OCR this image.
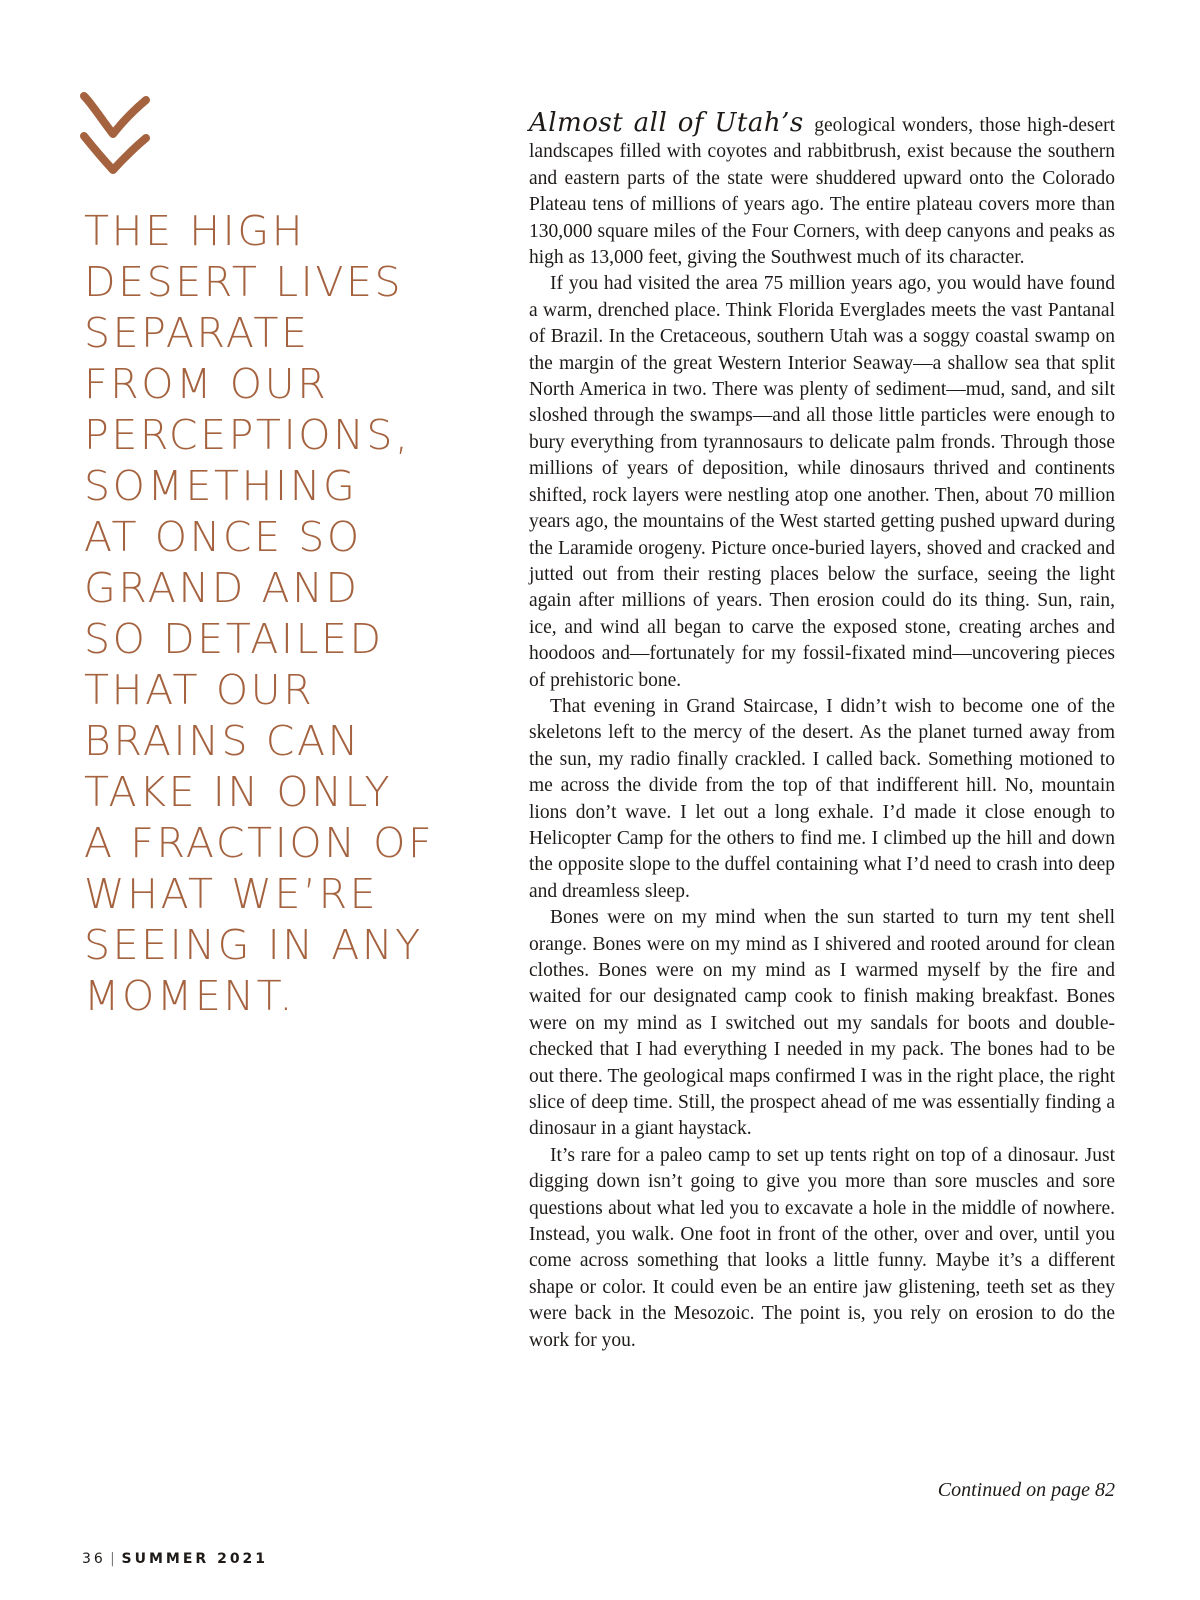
THE HIGH
DESERT LIVES
SEPARATE
FROM OUR
PERCEPTIONS,
SOMETHING
AT ONCE SO
GRAND AND
SO DETAILED
THAT OUR
BRAINS CAN
TAKE IN ONLY
A FRACTION OF
WHAT WE’RE
SEEING IN ANY
MOMENT.

Almost all of Utah’s geological wonders, those high-desert landscapes filled with coyotes and rabbitbrush, exist because the southern and eastern parts of the state were shuddered upward onto the Colorado Plateau tens of millions of years ago. The entire plateau covers more than 130,000 square miles of the Four Corners, with deep canyons and peaks as high as 13,000 feet, giving the Southwest much of its character.

If you had visited the area 75 million years ago, you would have found a warm, drenched place. Think Florida Everglades meets the vast Pantanal of Brazil. In the Cretaceous, southern Utah was a soggy coastal swamp on the margin of the great Western Interior Seaway—a shallow sea that split North America in two. There was plenty of sediment—mud, sand, and silt sloshed through the swamps—and all those little particles were enough to bury everything from tyrannosaurs to delicate palm fronds. Through those millions of years of deposition, while dinosaurs thrived and continents shifted, rock layers were nestling atop one another. Then, about 70 million years ago, the mountains of the West started getting pushed upward during the Laramide orogeny. Picture once-buried layers, shoved and cracked and jutted out from their resting places below the surface, seeing the light again after millions of years. Then erosion could do its thing. Sun, rain, ice, and wind all began to carve the exposed stone, creating arches and hoodoos and—fortunately for my fossil-fixated mind—uncovering pieces of prehistoric bone.

That evening in Grand Staircase, I didn’t wish to become one of the skeletons left to the mercy of the desert. As the planet turned away from the sun, my radio finally crackled. I called back. Something motioned to me across the divide from the top of that indifferent hill. No, mountain lions don’t wave. I let out a long exhale. I’d made it close enough to Helicopter Camp for the others to find me. I climbed up the hill and down the opposite slope to the duffel containing what I’d need to crash into deep and dreamless sleep.

Bones were on my mind when the sun started to turn my tent shell orange. Bones were on my mind as I shivered and rooted around for clean clothes. Bones were on my mind as I warmed myself by the fire and waited for our designated camp cook to finish making breakfast. Bones were on my mind as I switched out my sandals for boots and double-checked that I had everything I needed in my pack. The bones had to be out there. The geological maps confirmed I was in the right place, the right slice of deep time. Still, the prospect ahead of me was essentially finding a dinosaur in a giant haystack.

It’s rare for a paleo camp to set up tents right on top of a dinosaur. Just digging down isn’t going to give you more than sore muscles and sore questions about what led you to excavate a hole in the middle of nowhere. Instead, you walk. One foot in front of the other, over and over, until you come across something that looks a little funny. Maybe it’s a different shape or color. It could even be an entire jaw glistening, teeth set as they were back in the Mesozoic. The point is, you rely on erosion to do the work for you.

Continued on page 82
36 | SUMMER 2021
